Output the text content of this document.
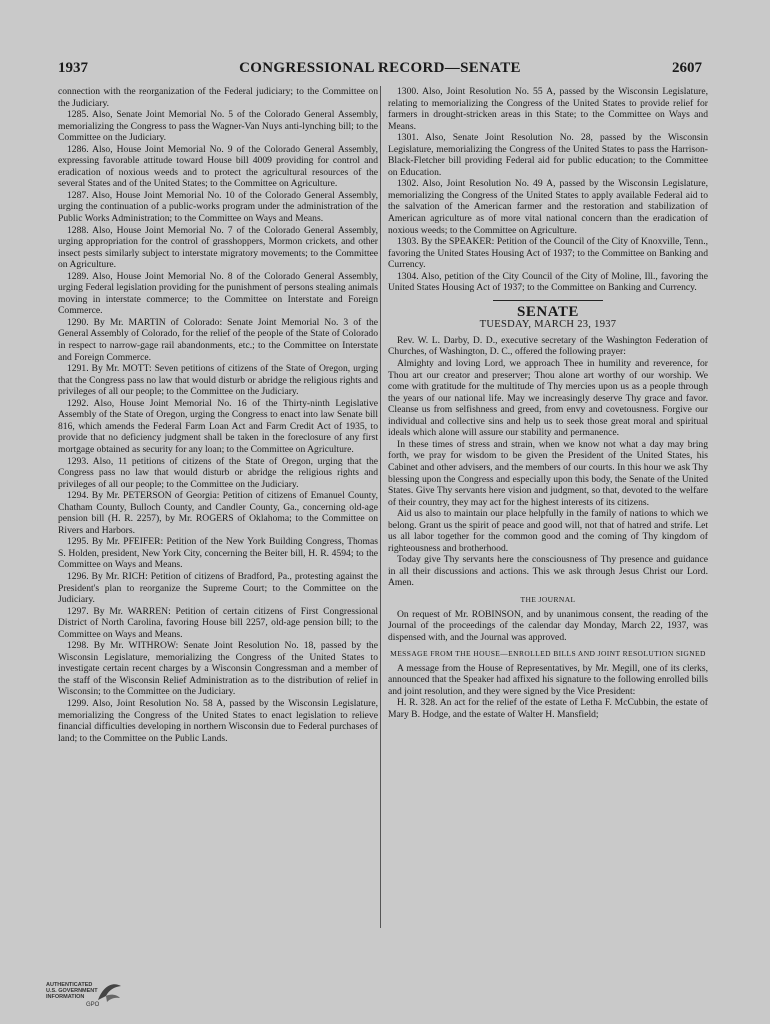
1937	CONGRESSIONAL RECORD—SENATE	2607

connection with the reorganization of the Federal judiciary; to the Committee on the Judiciary.

1285. Also, Senate Joint Memorial No. 5 of the Colorado General Assembly, memorializing the Congress to pass the Wagner-Van Nuys anti-lynching bill; to the Committee on the Judiciary.

1286. Also, House Joint Memorial No. 9 of the Colorado General Assembly, expressing favorable attitude toward House bill 4009 providing for control and eradication of noxious weeds and to protect the agricultural resources of the several States and of the United States; to the Committee on Agriculture.

1287. Also, House Joint Memorial No. 10 of the Colorado General Assembly, urging the continuation of a public-works program under the administration of the Public Works Administration; to the Committee on Ways and Means.

1288. Also, House Joint Memorial No. 7 of the Colorado General Assembly, urging appropriation for the control of grasshoppers, Mormon crickets, and other insect pests similarly subject to interstate migratory movements; to the Committee on Agriculture.

1289. Also, House Joint Memorial No. 8 of the Colorado General Assembly, urging Federal legislation providing for the punishment of persons stealing animals moving in interstate commerce; to the Committee on Interstate and Foreign Commerce.

1290. By Mr. MARTIN of Colorado: Senate Joint Memorial No. 3 of the General Assembly of Colorado, for the relief of the people of the State of Colorado in respect to narrow-gage rail abandonments, etc.; to the Committee on Interstate and Foreign Commerce.

1291. By Mr. MOTT: Seven petitions of citizens of the State of Oregon, urging that the Congress pass no law that would disturb or abridge the religious rights and privileges of all our people; to the Committee on the Judiciary.

1292. Also, House Joint Memorial No. 16 of the Thirty-ninth Legislative Assembly of the State of Oregon, urging the Congress to enact into law Senate bill 816, which amends the Federal Farm Loan Act and Farm Credit Act of 1935, to provide that no deficiency judgment shall be taken in the foreclosure of any first mortgage obtained as security for any loan; to the Committee on Agriculture.

1293. Also, 11 petitions of citizens of the State of Oregon, urging that the Congress pass no law that would disturb or abridge the religious rights and privileges of all our people; to the Committee on the Judiciary.

1294. By Mr. PETERSON of Georgia: Petition of citizens of Emanuel County, Chatham County, Bulloch County, and Candler County, Ga., concerning old-age pension bill (H. R. 2257), by Mr. ROGERS of Oklahoma; to the Committee on Rivers and Harbors.

1295. By Mr. PFEIFER: Petition of the New York Building Congress, Thomas S. Holden, president, New York City, concerning the Beiter bill, H. R. 4594; to the Committee on Ways and Means.

1296. By Mr. RICH: Petition of citizens of Bradford, Pa., protesting against the President's plan to reorganize the Supreme Court; to the Committee on the Judiciary.

1297. By Mr. WARREN: Petition of certain citizens of First Congressional District of North Carolina, favoring House bill 2257, old-age pension bill; to the Committee on Ways and Means.

1298. By Mr. WITHROW: Senate Joint Resolution No. 18, passed by the Wisconsin Legislature, memorializing the Congress of the United States to investigate certain recent charges by a Wisconsin Congressman and a member of the staff of the Wisconsin Relief Administration as to the distribution of relief in Wisconsin; to the Committee on the Judiciary.

1299. Also, Joint Resolution No. 58 A, passed by the Wisconsin Legislature, memorializing the Congress of the United States to enact legislation to relieve financial difficulties developing in northern Wisconsin due to Federal purchases of land; to the Committee on the Public Lands.

1300. Also, Joint Resolution No. 55 A, passed by the Wisconsin Legislature, relating to memorializing the Congress of the United States to provide relief for farmers in drought-stricken areas in this State; to the Committee on Ways and Means.

1301. Also, Senate Joint Resolution No. 28, passed by the Wisconsin Legislature, memorializing the Congress of the United States to pass the Harrison-Black-Fletcher bill providing Federal aid for public education; to the Committee on Education.

1302. Also, Joint Resolution No. 49 A, passed by the Wisconsin Legislature, memorializing the Congress of the United States to apply available Federal aid to the salvation of the American farmer and the restoration and stabilization of American agriculture as of more vital national concern than the eradication of noxious weeds; to the Committee on Agriculture.

1303. By the SPEAKER: Petition of the Council of the City of Knoxville, Tenn., favoring the United States Housing Act of 1937; to the Committee on Banking and Currency.

1304. Also, petition of the City Council of the City of Moline, Ill., favoring the United States Housing Act of 1937; to the Committee on Banking and Currency.

SENATE
TUESDAY, MARCH 23, 1937

Rev. W. L. Darby, D. D., executive secretary of the Washington Federation of Churches, of Washington, D. C., offered the following prayer:

Almighty and loving Lord, we approach Thee in humility and reverence, for Thou art our creator and preserver; Thou alone art worthy of our worship. We come with gratitude for the multitude of Thy mercies upon us as a people through the years of our national life. May we increasingly deserve Thy grace and favor. Cleanse us from selfishness and greed, from envy and covetousness. Forgive our individual and collective sins and help us to seek those great moral and spiritual ideals which alone will assure our stability and permanence.

In these times of stress and strain, when we know not what a day may bring forth, we pray for wisdom to be given the President of the United States, his Cabinet and other advisers, and the members of our courts. In this hour we ask Thy blessing upon the Congress and especially upon this body, the Senate of the United States. Give Thy servants here vision and judgment, so that, devoted to the welfare of their country, they may act for the highest interests of its citizens.

Aid us also to maintain our place helpfully in the family of nations to which we belong. Grant us the spirit of peace and good will, not that of hatred and strife. Let us all labor together for the common good and the coming of Thy kingdom of righteousness and brotherhood.

Today give Thy servants here the consciousness of Thy presence and guidance in all their discussions and actions. This we ask through Jesus Christ our Lord. Amen.

THE JOURNAL

On request of Mr. ROBINSON, and by unanimous consent, the reading of the Journal of the proceedings of the calendar day Monday, March 22, 1937, was dispensed with, and the Journal was approved.

MESSAGE FROM THE HOUSE—ENROLLED BILLS AND JOINT RESOLUTION SIGNED

A message from the House of Representatives, by Mr. Megill, one of its clerks, announced that the Speaker had affixed his signature to the following enrolled bills and joint resolution, and they were signed by the Vice President:

H. R. 328. An act for the relief of the estate of Letha F. McCubbin, the estate of Mary B. Hodge, and the estate of Walter H. Mansfield;

AUTHENTICATED
U.S. GOVERNMENT
INFORMATION
GPO
